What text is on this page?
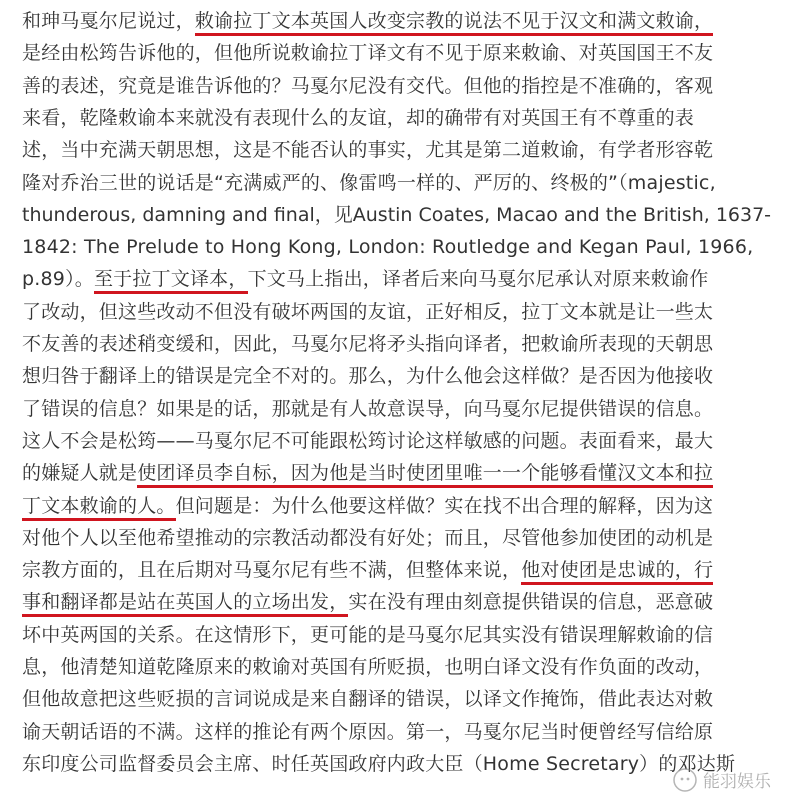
和珅马戛尔尼说过，敕谕拉丁文本英国人改变宗教的说法不见于汉文和满文敕谕，
是经由松筠告诉他的，但他所说敕谕拉丁译文有不见于原来敕谕、对英国国王不友
善的表述，究竟是谁告诉他的？马戛尔尼没有交代。但他的指控是不准确的，客观
来看，乾隆敕谕本来就没有表现什么的友谊，却的确带有对英国王有不尊重的表
述，当中充满天朝思想，这是不能否认的事实，尤其是第二道敕谕，有学者形容乾
隆对乔治三世的说话是“充满威严的、像雷鸣一样的、严厉的、终极的”（majestic,
thunderous, damning and final，见Austin Coates, Macao and the British, 1637-
1842: The Prelude to Hong Kong, London: Routledge and Kegan Paul, 1966,
p.89）。至于拉丁文译本，下文马上指出，译者后来向马戛尔尼承认对原来敕谕作
了改动，但这些改动不但没有破坏两国的友谊，正好相反，拉丁文本就是让一些太
不友善的表述稍变缓和，因此，马戛尔尼将矛头指向译者，把敕谕所表现的天朝思
想归咎于翻译上的错误是完全不对的。那么，为什么他会这样做？是否因为他接收
了错误的信息？如果是的话，那就是有人故意误导，向马戛尔尼提供错误的信息。
这人不会是松筠——马戛尔尼不可能跟松筠讨论这样敏感的问题。表面看来，最大
的嫌疑人就是使团译员李自标，因为他是当时使团里唯一一个能够看懂汉文本和拉
丁文本敕谕的人。但问题是：为什么他要这样做？实在找不出合理的解释，因为这
对他个人以至他希望推动的宗教活动都没有好处；而且，尽管他参加使团的动机是
宗教方面的，且在后期对马戛尔尼有些不满，但整体来说，他对使团是忠诚的，行
事和翻译都是站在英国人的立场出发，实在没有理由刻意提供错误的信息，恶意破
坏中英两国的关系。在这情形下，更可能的是马戛尔尼其实没有错误理解敕谕的信
息，他清楚知道乾隆原来的敕谕对英国有所贬损，也明白译文没有作负面的改动，
但他故意把这些贬损的言词说成是来自翻译的错误，以译文作掩饰，借此表达对敕
谕天朝话语的不满。这样的推论有两个原因。第一，马戛尔尼当时便曾经写信给原
东印度公司监督委员会主席、时任英国政府内政大臣（Home Secretary）的邓达斯
能羽娱乐
